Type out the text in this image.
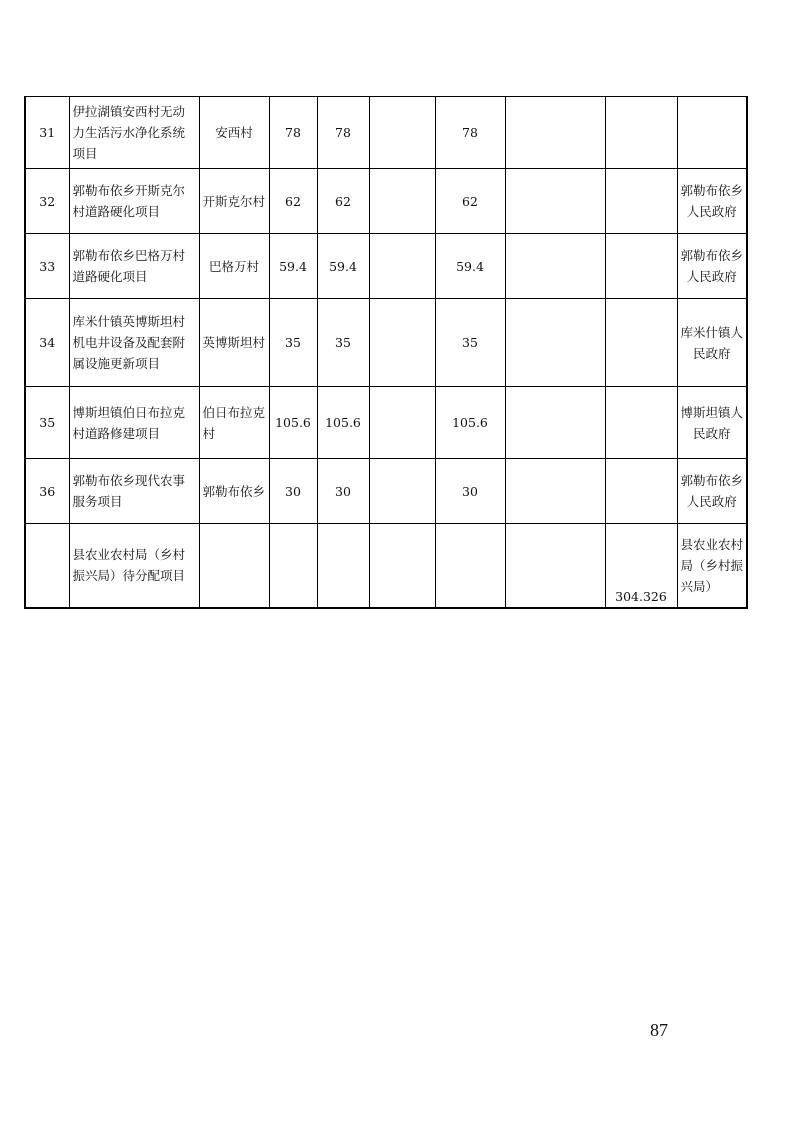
31	伊拉湖镇安西村无动力生活污水净化系统项目	安西村	78	78		78			
32	郭勒布依乡开斯克尔村道路硬化项目	开斯克尔村	62	62		62			郭勒布依乡人民政府
33	郭勒布依乡巴格万村道路硬化项目	巴格万村	59.4	59.4		59.4			郭勒布依乡人民政府
34	库米什镇英博斯坦村机电井设备及配套附属设施更新项目	英博斯坦村	35	35		35			库米什镇人民政府
35	博斯坦镇伯日布拉克村道路修建项目	伯日布拉克村	105.6	105.6		105.6			博斯坦镇人民政府
36	郭勒布依乡现代农事服务项目	郭勒布依乡	30	30		30			郭勒布依乡人民政府
	县农业农村局（乡村振兴局）待分配项目							304.326	县农业农村局（乡村振兴局）
87
